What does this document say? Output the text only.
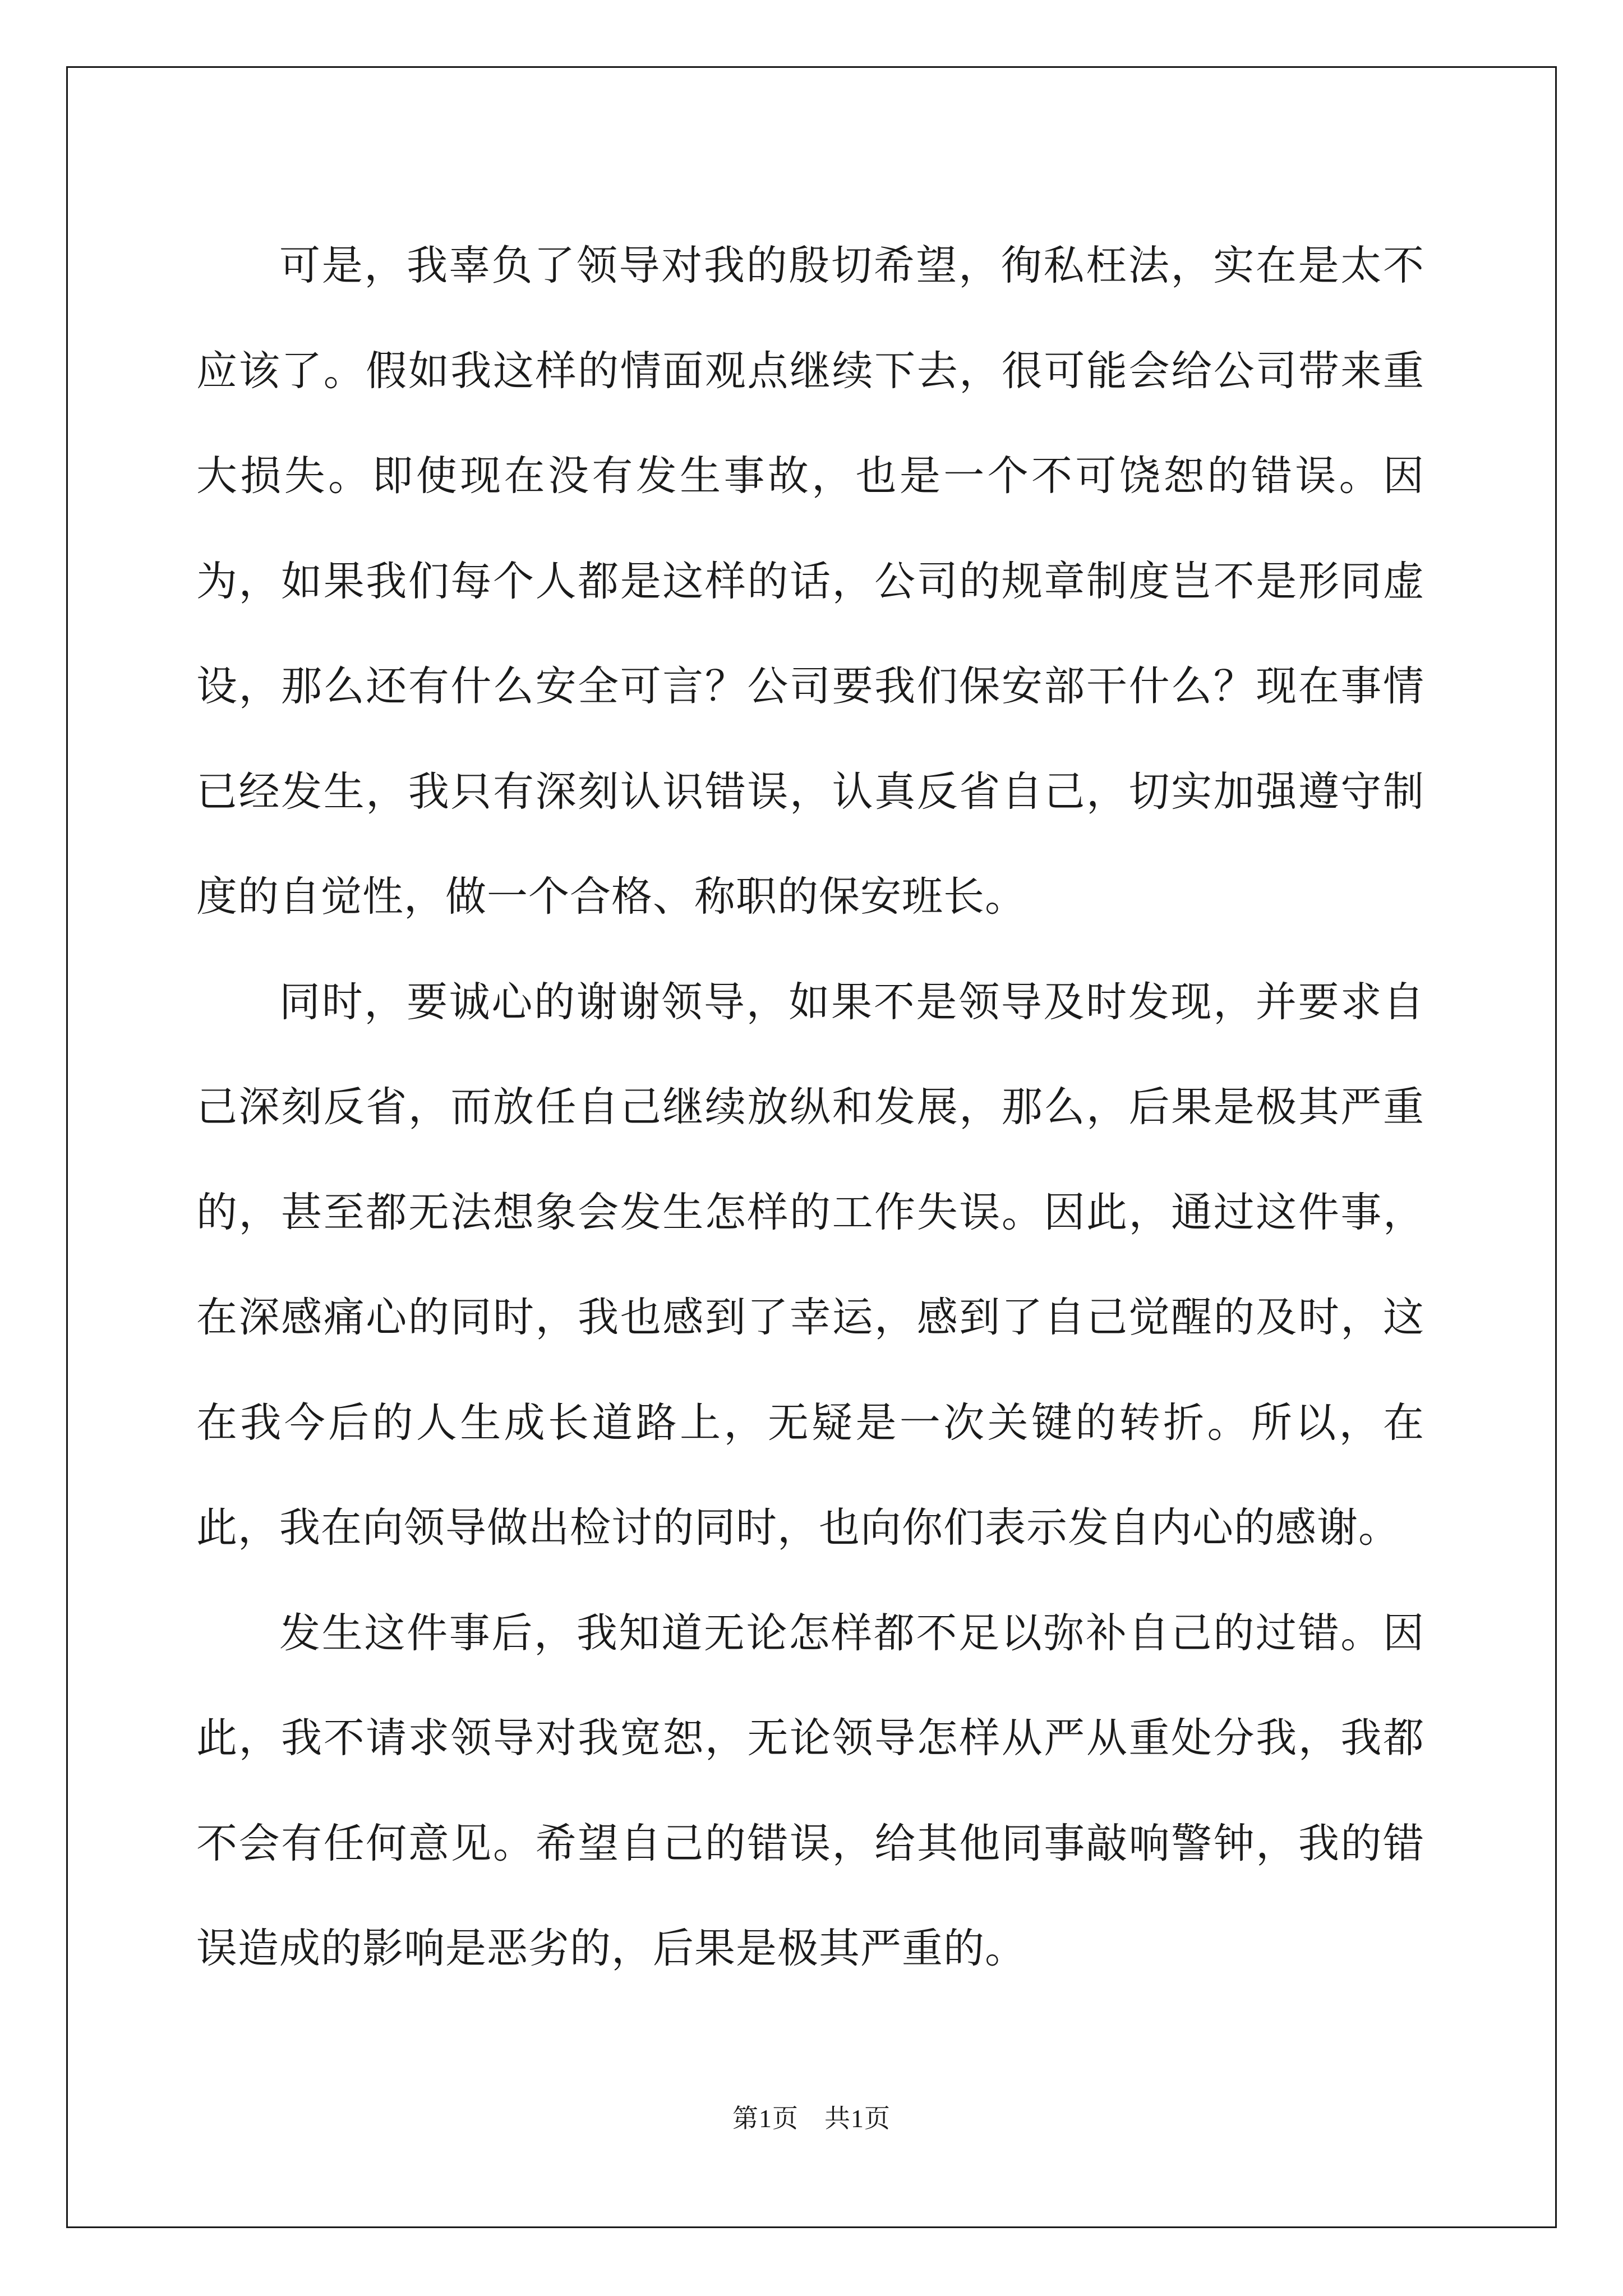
可是，我辜负了领导对我的殷切希望，徇私枉法，实在是太不应该了。假如我这样的情面观点继续下去，很可能会给公司带来重大损失。即使现在没有发生事故，也是一个不可饶恕的错误。因为，如果我们每个人都是这样的话，公司的规章制度岂不是形同虚设，那么还有什么安全可言？公司要我们保安部干什么？现在事情已经发生，我只有深刻认识错误，认真反省自己，切实加强遵守制度的自觉性，做一个合格、称职的保安班长。

同时，要诚心的谢谢领导，如果不是领导及时发现，并要求自己深刻反省，而放任自己继续放纵和发展，那么，后果是极其严重的，甚至都无法想象会发生怎样的工作失误。因此，通过这件事，在深感痛心的同时，我也感到了幸运，感到了自己觉醒的及时，这在我今后的人生成长道路上，无疑是一次关键的转折。所以，在此，我在向领导做出检讨的同时，也向你们表示发自内心的感谢。

发生这件事后，我知道无论怎样都不足以弥补自己的过错。因此，我不请求领导对我宽恕，无论领导怎样从严从重处分我，我都不会有任何意见。希望自己的错误，给其他同事敲响警钟，我的错误造成的影响是恶劣的，后果是极其严重的。

第1页 共1页
